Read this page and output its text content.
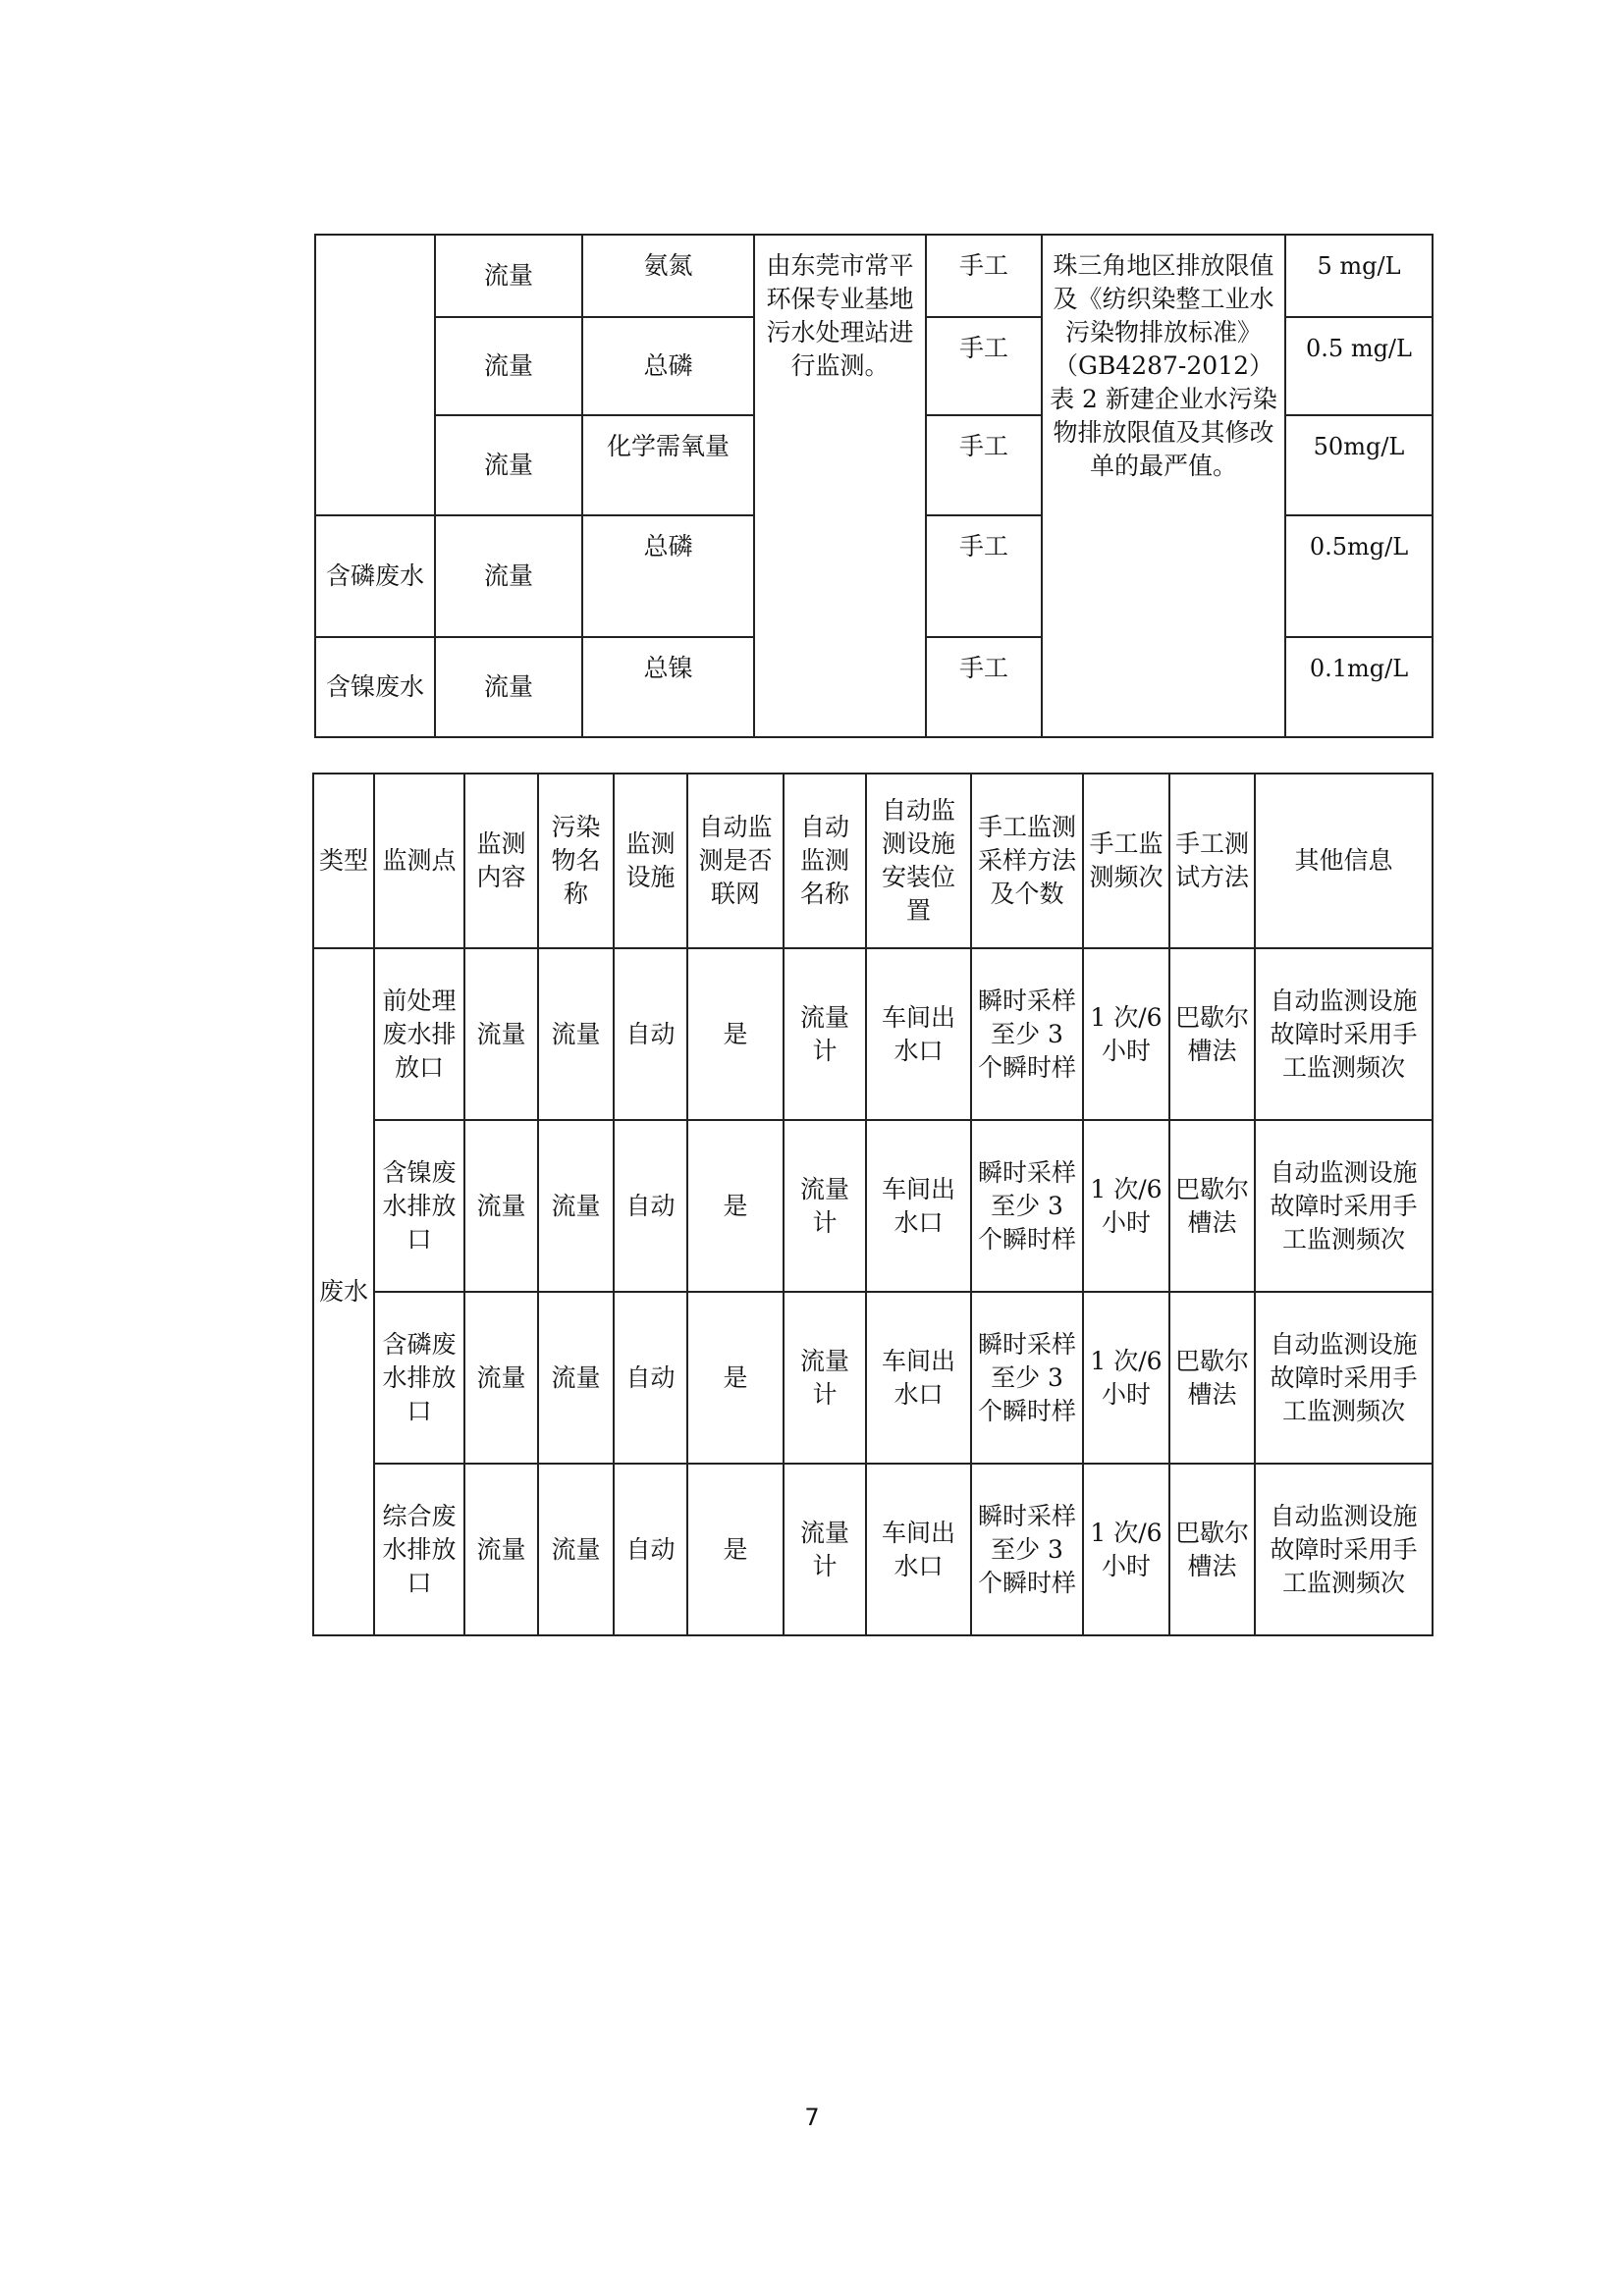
	流量	氨氮	由东莞市常平环保专业基地污水处理站进行监测。	手工	珠三角地区排放限值及《纺织染整工业水污染物排放标准》（GB4287-2012）表 2 新建企业水污染物排放限值及其修改单的最严值。	5 mg/L
	流量	总磷		手工		0.5 mg/L
	流量	化学需氧量		手工		50mg/L
含磷废水	流量	总磷		手工		0.5mg/L
含镍废水	流量	总镍		手工		0.1mg/L
类型	监测点	监测内容	污染物名称	监测设施	自动监测是否联网	自动监测名称	自动监测设施安装位置	手工监测采样方法及个数	手工监测频次	手工测试方法	其他信息
废水	前处理废水排放口	流量	流量	自动	是	流量计	车间出水口	瞬时采样至少 3 个瞬时样	1 次/6 小时	巴歇尔槽法	自动监测设施故障时采用手工监测频次
	含镍废水排放口	流量	流量	自动	是	流量计	车间出水口	瞬时采样至少 3 个瞬时样	1 次/6 小时	巴歇尔槽法	自动监测设施故障时采用手工监测频次
	含磷废水排放口	流量	流量	自动	是	流量计	车间出水口	瞬时采样至少 3 个瞬时样	1 次/6 小时	巴歇尔槽法	自动监测设施故障时采用手工监测频次
	综合废水排放口	流量	流量	自动	是	流量计	车间出水口	瞬时采样至少 3 个瞬时样	1 次/6 小时	巴歇尔槽法	自动监测设施故障时采用手工监测频次
7
